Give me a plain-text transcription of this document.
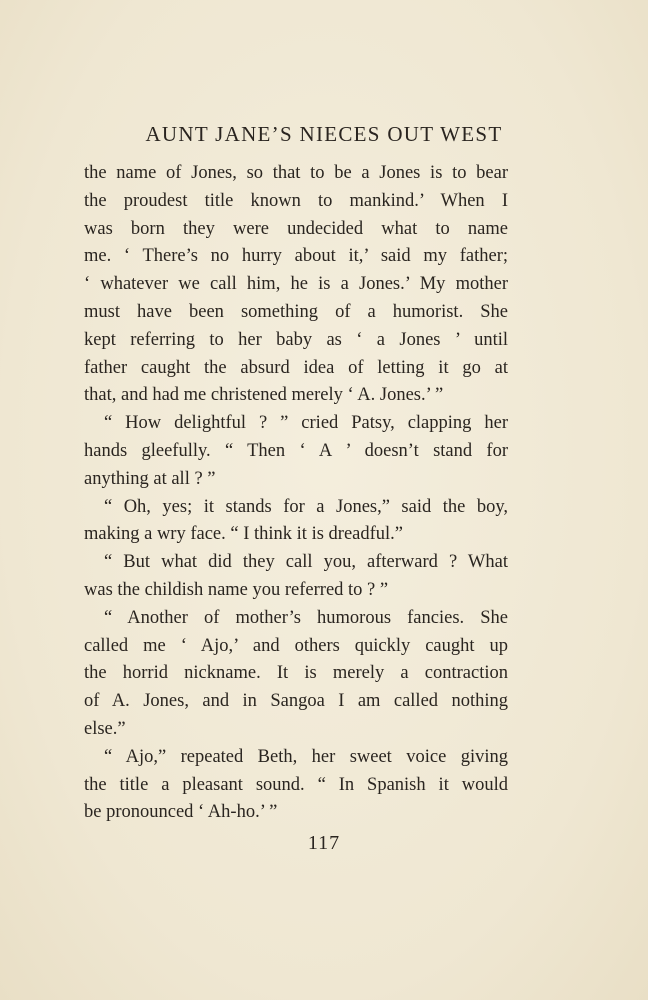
AUNT JANE’S NIECES OUT WEST
the name of Jones, so that to be a Jones is to bear
the proudest title known to mankind.’ When I
was born they were undecided what to name
me. ‘ There’s no hurry about it,’ said my father;
‘ whatever we call him, he is a Jones.’ My mother
must have been something of a humorist. She
kept referring to her baby as ‘ a Jones ’ until
father caught the absurd idea of letting it go at
that, and had me christened merely ‘ A. Jones.’ ”
“ How delightful ? ” cried Patsy, clapping her
hands gleefully. “ Then ‘ A ’ doesn’t stand for
anything at all ? ”
“ Oh, yes; it stands for a Jones,” said the boy,
making a wry face. “ I think it is dreadful.”
“ But what did they call you, afterward ? What
was the childish name you referred to ? ”
“ Another of mother’s humorous fancies. She
called me ‘ Ajo,’ and others quickly caught up
the horrid nickname. It is merely a contraction
of A. Jones, and in Sangoa I am called nothing
else.”
“ Ajo,” repeated Beth, her sweet voice giving
the title a pleasant sound. “ In Spanish it would
be pronounced ‘ Ah-ho.’ ”
117
